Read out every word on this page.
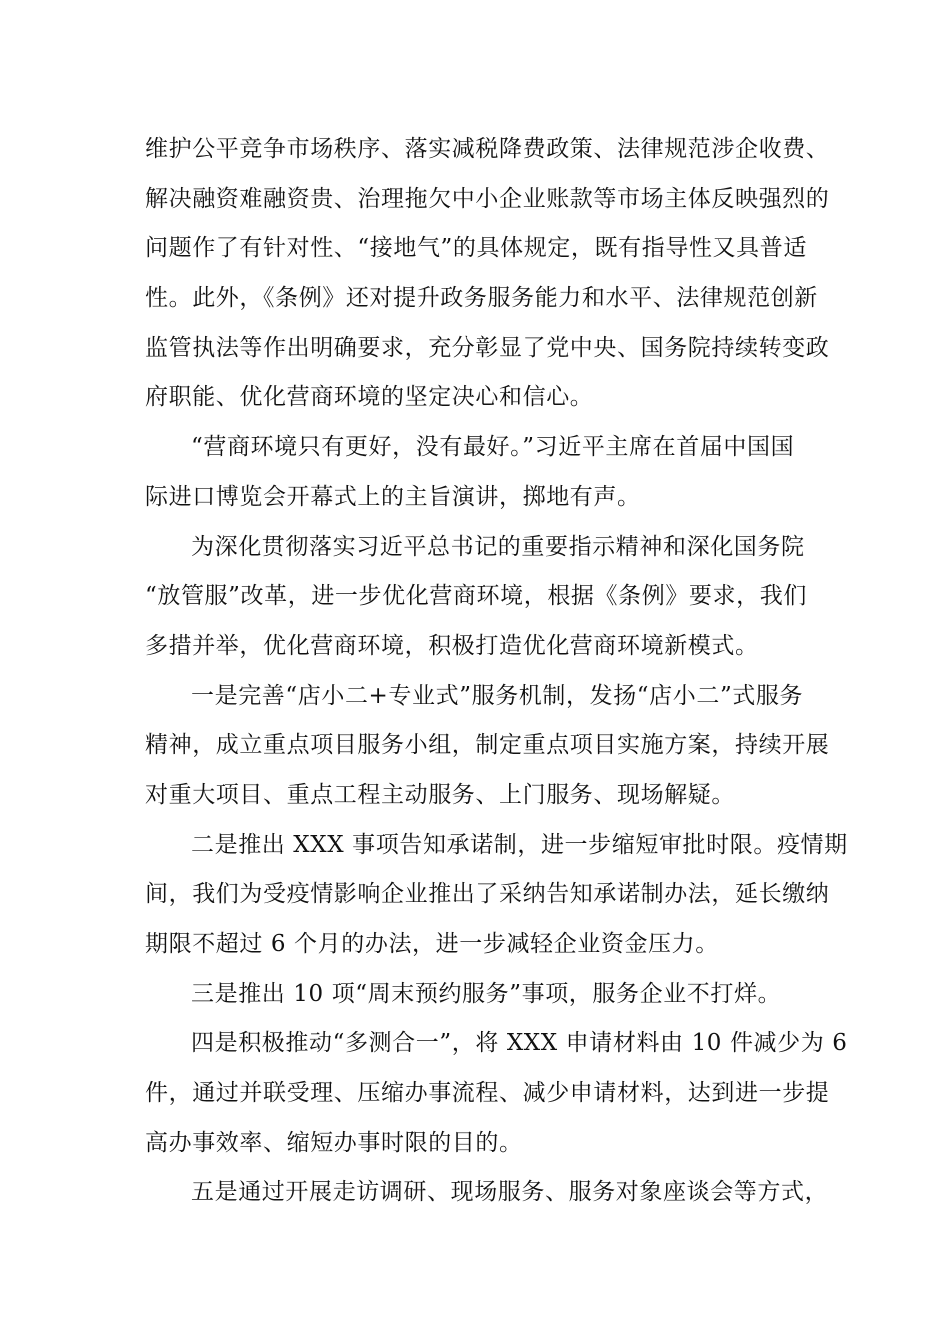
维护公平竞争市场秩序、落实减税降费政策、法律规范涉企收费、
解决融资难融资贵、治理拖欠中小企业账款等市场主体反映强烈的
问题作了有针对性、“接地气”的具体规定，既有指导性又具普适
性。此外，《条例》还对提升政务服务能力和水平、法律规范创新
监管执法等作出明确要求，充分彰显了党中央、国务院持续转变政
府职能、优化营商环境的坚定决心和信心。
“营商环境只有更好，没有最好。”习近平主席在首届中国国
际进口博览会开幕式上的主旨演讲，掷地有声。
为深化贯彻落实习近平总书记的重要指示精神和深化国务院
“放管服”改革，进一步优化营商环境，根据《条例》要求，我们
多措并举，优化营商环境，积极打造优化营商环境新模式。
一是完善“店小二+专业式”服务机制，发扬“店小二”式服务
精神，成立重点项目服务小组，制定重点项目实施方案，持续开展
对重大项目、重点工程主动服务、上门服务、现场解疑。
二是推出 XXX 事项告知承诺制，进一步缩短审批时限。疫情期
间，我们为受疫情影响企业推出了采纳告知承诺制办法，延长缴纳
期限不超过 6 个月的办法，进一步减轻企业资金压力。
三是推出 10 项“周末预约服务”事项，服务企业不打烊。
四是积极推动“多测合一”，将 XXX 申请材料由 10 件减少为 6
件，通过并联受理、压缩办事流程、减少申请材料，达到进一步提
高办事效率、缩短办事时限的目的。
五是通过开展走访调研、现场服务、服务对象座谈会等方式，
